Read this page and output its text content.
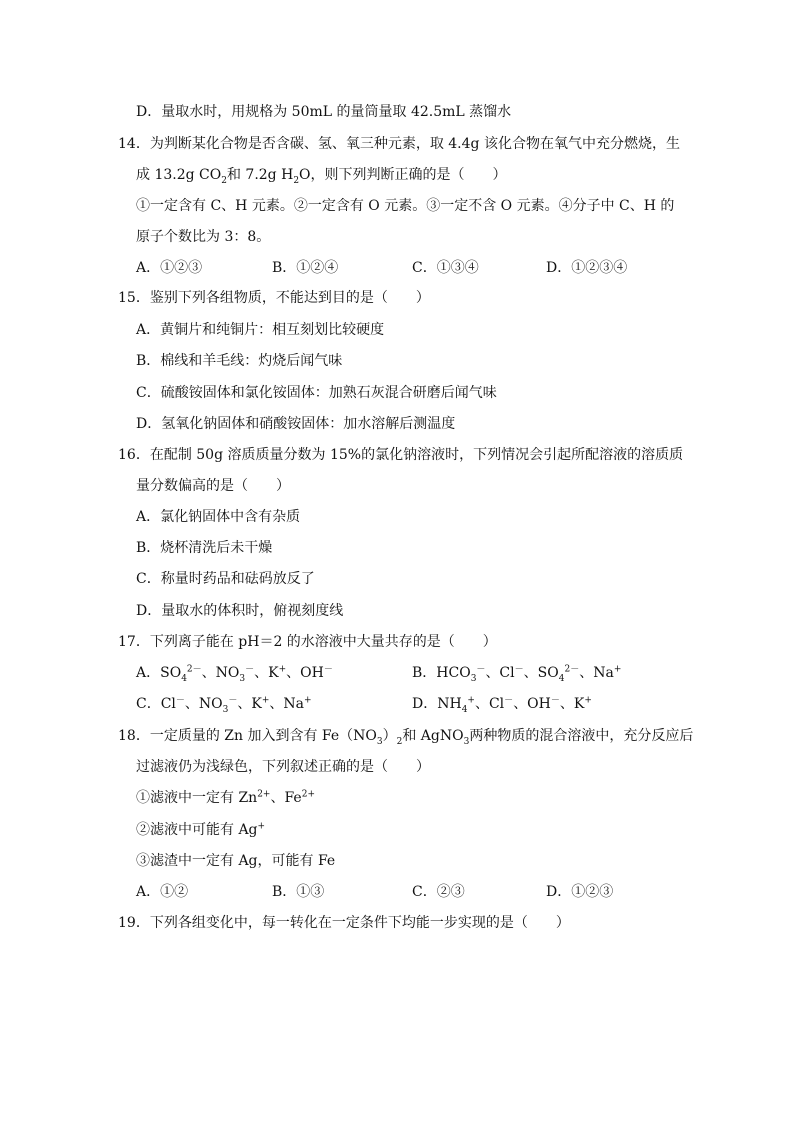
D．量取水时，用规格为 50mL 的量筒量取 42.5mL 蒸馏水
14．为判断某化合物是否含碳、氢、氧三种元素，取 4.4g 该化合物在氧气中充分燃烧，生
成 13.2g $CO_2$和 7.2g $H_2O$，则下列判断正确的是（　　）
①一定含有 C、H 元素。②一定含有 O 元素。③一定不含 O 元素。④分子中 C、H 的
原子个数比为 3：8。
A．①②③	B．①②④	C．①③④	D．①②③④
15．鉴别下列各组物质，不能达到目的是（　　）
A．黄铜片和纯铜片：相互刻划比较硬度
B．棉线和羊毛线：灼烧后闻气味
C．硫酸铵固体和氯化铵固体：加熟石灰混合研磨后闻气味
D．氢氧化钠固体和硝酸铵固体：加水溶解后测温度
16．在配制 50g 溶质质量分数为 15%的氯化钠溶液时，下列情况会引起所配溶液的溶质质
量分数偏高的是（　　）
A．氯化钠固体中含有杂质
B．烧杯清洗后未干燥
C．称量时药品和砝码放反了
D．量取水的体积时，俯视刻度线
17．下列离子能在 pH＝2 的水溶液中大量共存的是（　　）
A．$SO_4^{2-}$、$NO_3^-$、K+、OH－	B．$HCO_3^-$、Cl－、$SO_4^{2-}$、Na+
C．Cl－、$NO_3^-$、K+、Na+	D．$NH_4^+$、Cl－、OH－、K+
18．一定质量的 Zn 加入到含有 $Fe(NO_3)_2$和 AgNO$_3$两种物质的混合溶液中，充分反应后
过滤液仍为浅绿色，下列叙述正确的是（　　）
①滤液中一定有 $Zn^{2+}$、$Fe^{2+}$
②滤液中可能有 Ag+
③滤渣中一定有 Ag，可能有 Fe
A．①②	B．①③	C．②③	D．①②③
19．下列各组变化中，每一转化在一定条件下均能一步实现的是（　　）
